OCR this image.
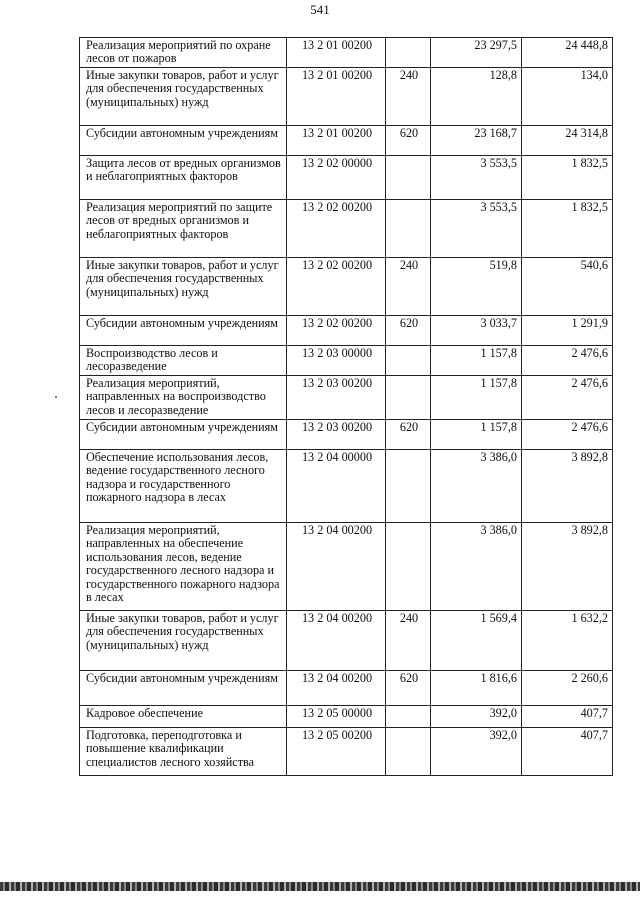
541
Реализация мероприятий по охране лесов от пожаров	13 2 01 00200		23 297,5	24 448,8
Иные закупки товаров, работ и услуг для обеспечения государственных (муниципальных) нужд	13 2 01 00200	240	128,8	134,0
Субсидии автономным учреждениям	13 2 01 00200	620	23 168,7	24 314,8
Защита лесов от вредных организмов и неблагоприятных факторов	13 2 02 00000		3 553,5	1 832,5
Реализация мероприятий по защите лесов от вредных организмов и неблагоприятных факторов	13 2 02 00200		3 553,5	1 832,5
Иные закупки товаров, работ и услуг для обеспечения государственных (муниципальных) нужд	13 2 02 00200	240	519,8	540,6
Субсидии автономным учреждениям	13 2 02 00200	620	3 033,7	1 291,9
Воспроизводство лесов и лесоразведение	13 2 03 00000		1 157,8	2 476,6
Реализация мероприятий, направленных на воспроизводство лесов и лесоразведение	13 2 03 00200		1 157,8	2 476,6
Субсидии автономным учреждениям	13 2 03 00200	620	1 157,8	2 476,6
Обеспечение использования лесов, ведение государственного лесного надзора и государственного пожарного надзора в лесах	13 2 04 00000		3 386,0	3 892,8
Реализация мероприятий, направленных на обеспечение использования лесов, ведение государственного лесного надзора и государственного пожарного надзора в лесах	13 2 04 00200		3 386,0	3 892,8
Иные закупки товаров, работ и услуг для обеспечения государственных (муниципальных) нужд	13 2 04 00200	240	1 569,4	1 632,2
Субсидии автономным учреждениям	13 2 04 00200	620	1 816,6	2 260,6
Кадровое обеспечение	13 2 05 00000		392,0	407,7
Подготовка, переподготовка и повышение квалификации специалистов лесного хозяйства	13 2 05 00200		392,0	407,7
